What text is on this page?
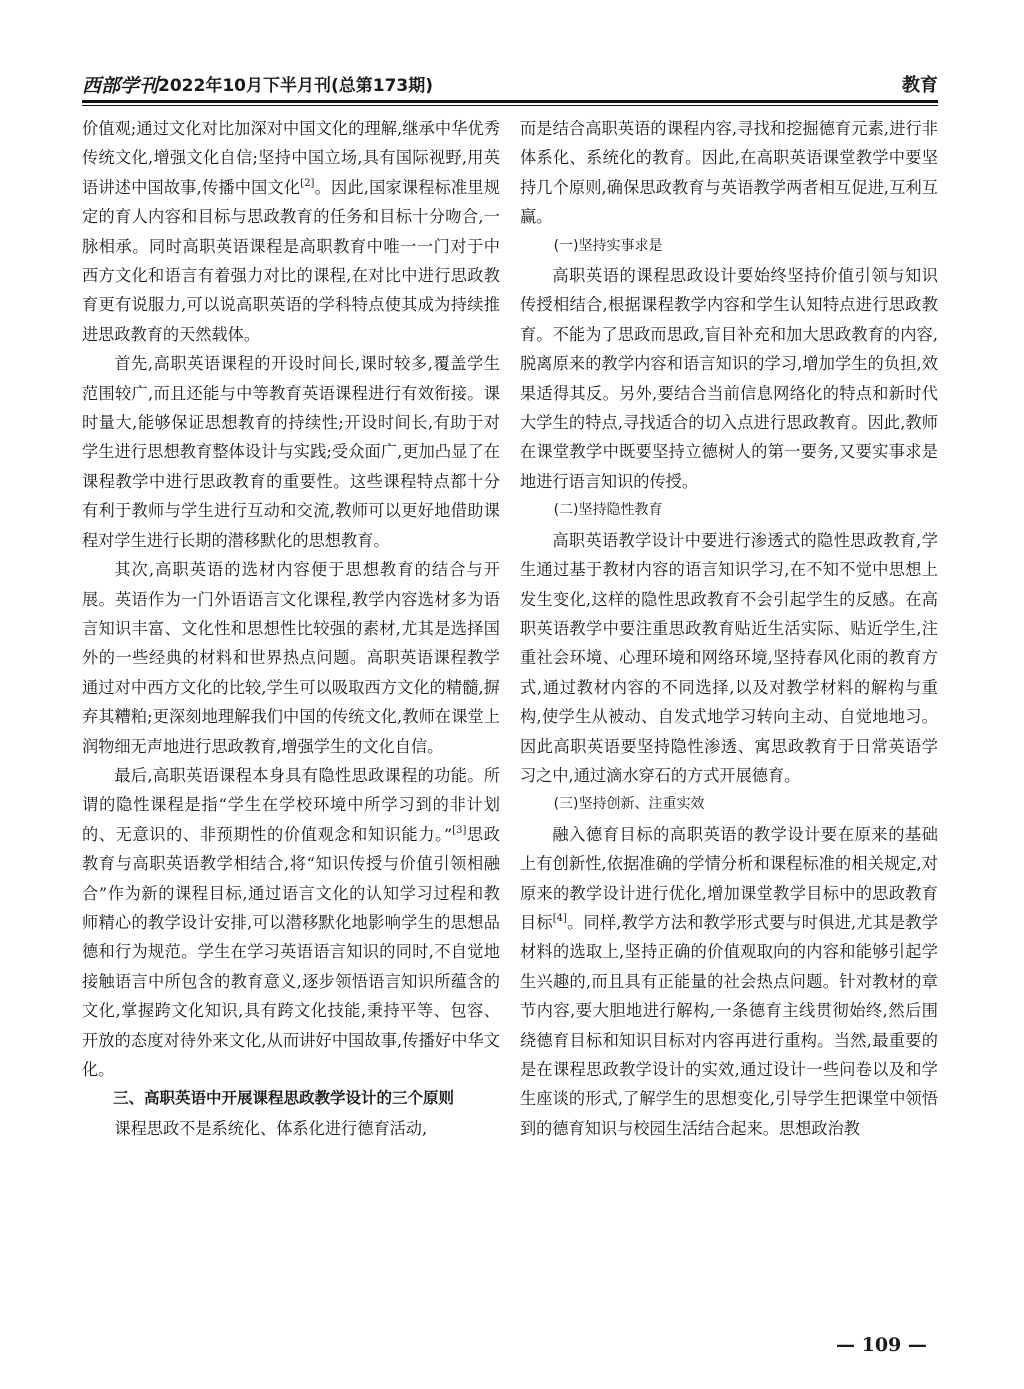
西部学刊 2022年10月下半月刊(总第173期)	教育

价值观;通过文化对比加深对中国文化的理解,继承中华优秀传统文化,增强文化自信;坚持中国立场,具有国际视野,用英语讲述中国故事,传播中国文化[2]。因此,国家课程标准里规定的育人内容和目标与思政教育的任务和目标十分吻合,一脉相承。同时高职英语课程是高职教育中唯一一门对于中西方文化和语言有着强力对比的课程,在对比中进行思政教育更有说服力,可以说高职英语的学科特点使其成为持续推进思政教育的天然载体。

首先,高职英语课程的开设时间长,课时较多,覆盖学生范围较广,而且还能与中等教育英语课程进行有效衔接。课时量大,能够保证思想教育的持续性;开设时间长,有助于对学生进行思想教育整体设计与实践;受众面广,更加凸显了在课程教学中进行思政教育的重要性。这些课程特点都十分有利于教师与学生进行互动和交流,教师可以更好地借助课程对学生进行长期的潜移默化的思想教育。

其次,高职英语的选材内容便于思想教育的结合与开展。英语作为一门外语语言文化课程,教学内容选材多为语言知识丰富、文化性和思想性比较强的素材,尤其是选择国外的一些经典的材料和世界热点问题。高职英语课程教学通过对中西方文化的比较,学生可以吸取西方文化的精髓,摒弃其糟粕;更深刻地理解我们中国的传统文化,教师在课堂上润物细无声地进行思政教育,增强学生的文化自信。

最后,高职英语课程本身具有隐性思政课程的功能。所谓的隐性课程是指“学生在学校环境中所学习到的非计划的、无意识的、非预期性的价值观念和知识能力。”[3]思政教育与高职英语教学相结合,将“知识传授与价值引领相融合”作为新的课程目标,通过语言文化的认知学习过程和教师精心的教学设计安排,可以潜移默化地影响学生的思想品德和行为规范。学生在学习英语语言知识的同时,不自觉地接触语言中所包含的教育意义,逐步领悟语言知识所蕴含的文化,掌握跨文化知识,具有跨文化技能,秉持平等、包容、开放的态度对待外来文化,从而讲好中国故事,传播好中华文化。

三、高职英语中开展课程思政教学设计的三个原则

课程思政不是系统化、体系化进行德育活动,

而是结合高职英语的课程内容,寻找和挖掘德育元素,进行非体系化、系统化的教育。因此,在高职英语课堂教学中要坚持几个原则,确保思政教育与英语教学两者相互促进,互利互赢。

(一)坚持实事求是

高职英语的课程思政设计要始终坚持价值引领与知识传授相结合,根据课程教学内容和学生认知特点进行思政教育。不能为了思政而思政,盲目补充和加大思政教育的内容,脱离原来的教学内容和语言知识的学习,增加学生的负担,效果适得其反。另外,要结合当前信息网络化的特点和新时代大学生的特点,寻找适合的切入点进行思政教育。因此,教师在课堂教学中既要坚持立德树人的第一要务,又要实事求是地进行语言知识的传授。

(二)坚持隐性教育

高职英语教学设计中要进行渗透式的隐性思政教育,学生通过基于教材内容的语言知识学习,在不知不觉中思想上发生变化,这样的隐性思政教育不会引起学生的反感。在高职英语教学中要注重思政教育贴近生活实际、贴近学生,注重社会环境、心理环境和网络环境,坚持春风化雨的教育方式,通过教材内容的不同选择,以及对教学材料的解构与重构,使学生从被动、自发式地学习转向主动、自觉地地习。因此高职英语要坚持隐性渗透、寓思政教育于日常英语学习之中,通过滴水穿石的方式开展德育。

(三)坚持创新、注重实效

融入德育目标的高职英语的教学设计要在原来的基础上有创新性,依据准确的学情分析和课程标准的相关规定,对原来的教学设计进行优化,增加课堂教学目标中的思政教育目标[4]。同样,教学方法和教学形式要与时俱进,尤其是教学材料的选取上,坚持正确的价值观取向的内容和能够引起学生兴趣的,而且具有正能量的社会热点问题。针对教材的章节内容,要大胆地进行解构,一条德育主线贯彻始终,然后围绕德育目标和知识目标对内容再进行重构。当然,最重要的是在课程思政教学设计的实效,通过设计一些问卷以及和学生座谈的形式,了解学生的思想变化,引导学生把课堂中领悟到的德育知识与校园生活结合起来。思想政治教

— 109 —
